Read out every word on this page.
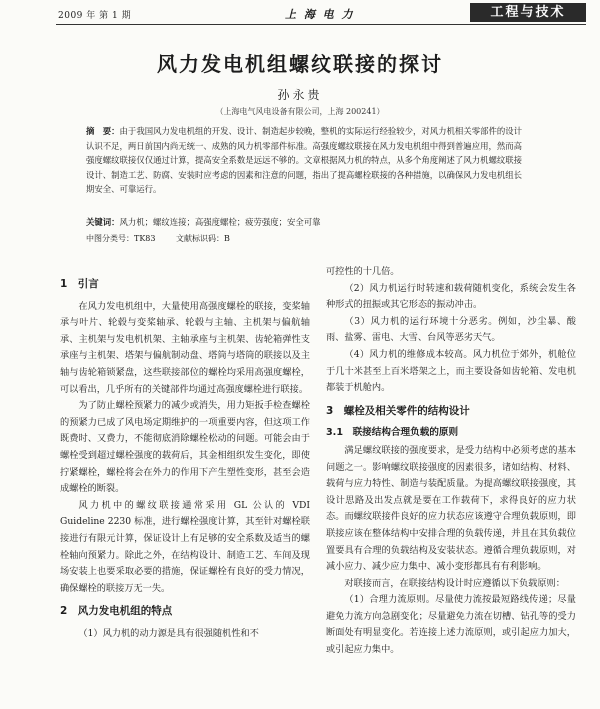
2009 年 第 1 期	上 海 电 力	工程与技术
风力发电机组螺纹联接的探讨
孙永贵
（上海电气风电设备有限公司，上海 200241）
摘　要：由于我国风力发电机组的开发、设计、制造起步较晚，整机的实际运行经验较少，对风力机相关零部件的设计认识不足，两日前国内尚无统一、成熟的风力机零部件标准。高强度螺纹联接在风力发电机组中得到普遍应用，然而高强度螺纹联接仅仅通过计算，提高安全系数是远远不够的。文章根据风力机的特点，从多个角度阐述了风力机螺纹联接设计、制造工艺、防腐、安装时应考虑的因素和注意的问题，指出了提高螺栓联接的各种措施，以确保风力发电机组长期安全、可靠运行。
关键词：风力机；螺纹连接；高强度螺栓；疲劳强度；安全可靠
中图分类号：TK83	文献标识码：B
1　引言

在风力发电机组中，大量使用高强度螺栓的联接，变桨轴承与叶片、轮毂与变桨轴承、轮毂与主轴、主机架与偏航轴承、主机架与发电机机架、主轴承座与主机架、齿轮箱弹性支承座与主机架、塔架与偏航制动盘、塔筒与塔筒的联接以及主轴与齿轮箱锁紧盘，这些联接部位的螺栓均采用高强度螺栓，可以看出，几乎所有的关键部件均通过高强度螺栓进行联接。

为了防止螺栓预紧力的减少或消失，用力矩扳手检查螺栓的预紧力已成了风电场定期维护的一项重要内容，但这项工作既费时、又费力，不能彻底消除螺栓松动的问题。可能会由于螺栓受到超过螺栓强度的载荷后，其金相组织发生变化，即使拧紧螺栓，螺栓将会在外力的作用下产生塑性变形，甚至会造成螺栓的断裂。

风力机中的螺纹联接通常采用 GL 公认的 VDI Guideline 2230 标准，进行螺栓强度计算，其至针对螺栓联接进行有限元计算，保证设计上有足够的安全系数及适当的螺栓轴向预紧力。除此之外，在结构设计、制造工艺、车间及现场安装上也要采取必要的措施，保证螺栓有良好的受力情况，确保螺栓的联接万无一失。

2　风力发电机组的特点

（1）风力机的动力源是具有很强随机性和不

可控性的十几倍。

（2）风力机运行时转速和载荷随机变化，系统会发生各种形式的扭振或其它形态的振动冲击。

（3）风力机的运行环境十分恶劣。例如，沙尘暴、酸雨、盐雾、雷电、大雪、台风等恶劣天气。

（4）风力机的维修成本较高。风力机位于郊外，机舱位于几十米甚至上百米塔架之上，而主要设备如齿轮箱、发电机都装于机舱内。

3　螺栓及相关零件的结构设计
3.1　联接结构合理负载的原则

满足螺纹联接的强度要求，是受力结构中必须考虑的基本问题之一。影响螺纹联接强度的因素很多，诸如结构、材料、载荷与应力特性、制造与装配质量。为提高螺纹联接强度，其设计思路及出发点就是要在工作载荷下，求得良好的应力状态。而螺纹联接件良好的应力状态应该遵守合理负载原则，即联接应该在整体结构中安排合理的负载传递，并且在其负载位置要具有合理的负载结构及安装状态。遵循合理负载原则，对减小应力、减少应力集中、减小变形都具有有利影响。

对联接而言，在联接结构设计时应遵循以下负载原则：

（1）合理力流原则。尽量使力流按最短路线传递；尽量避免力流方向急剧变化；尽量避免力流在切槽、钻孔等的受力断面处有明显变化。若连接上述力流原则，或引起应力加大，或引起应力集中。
